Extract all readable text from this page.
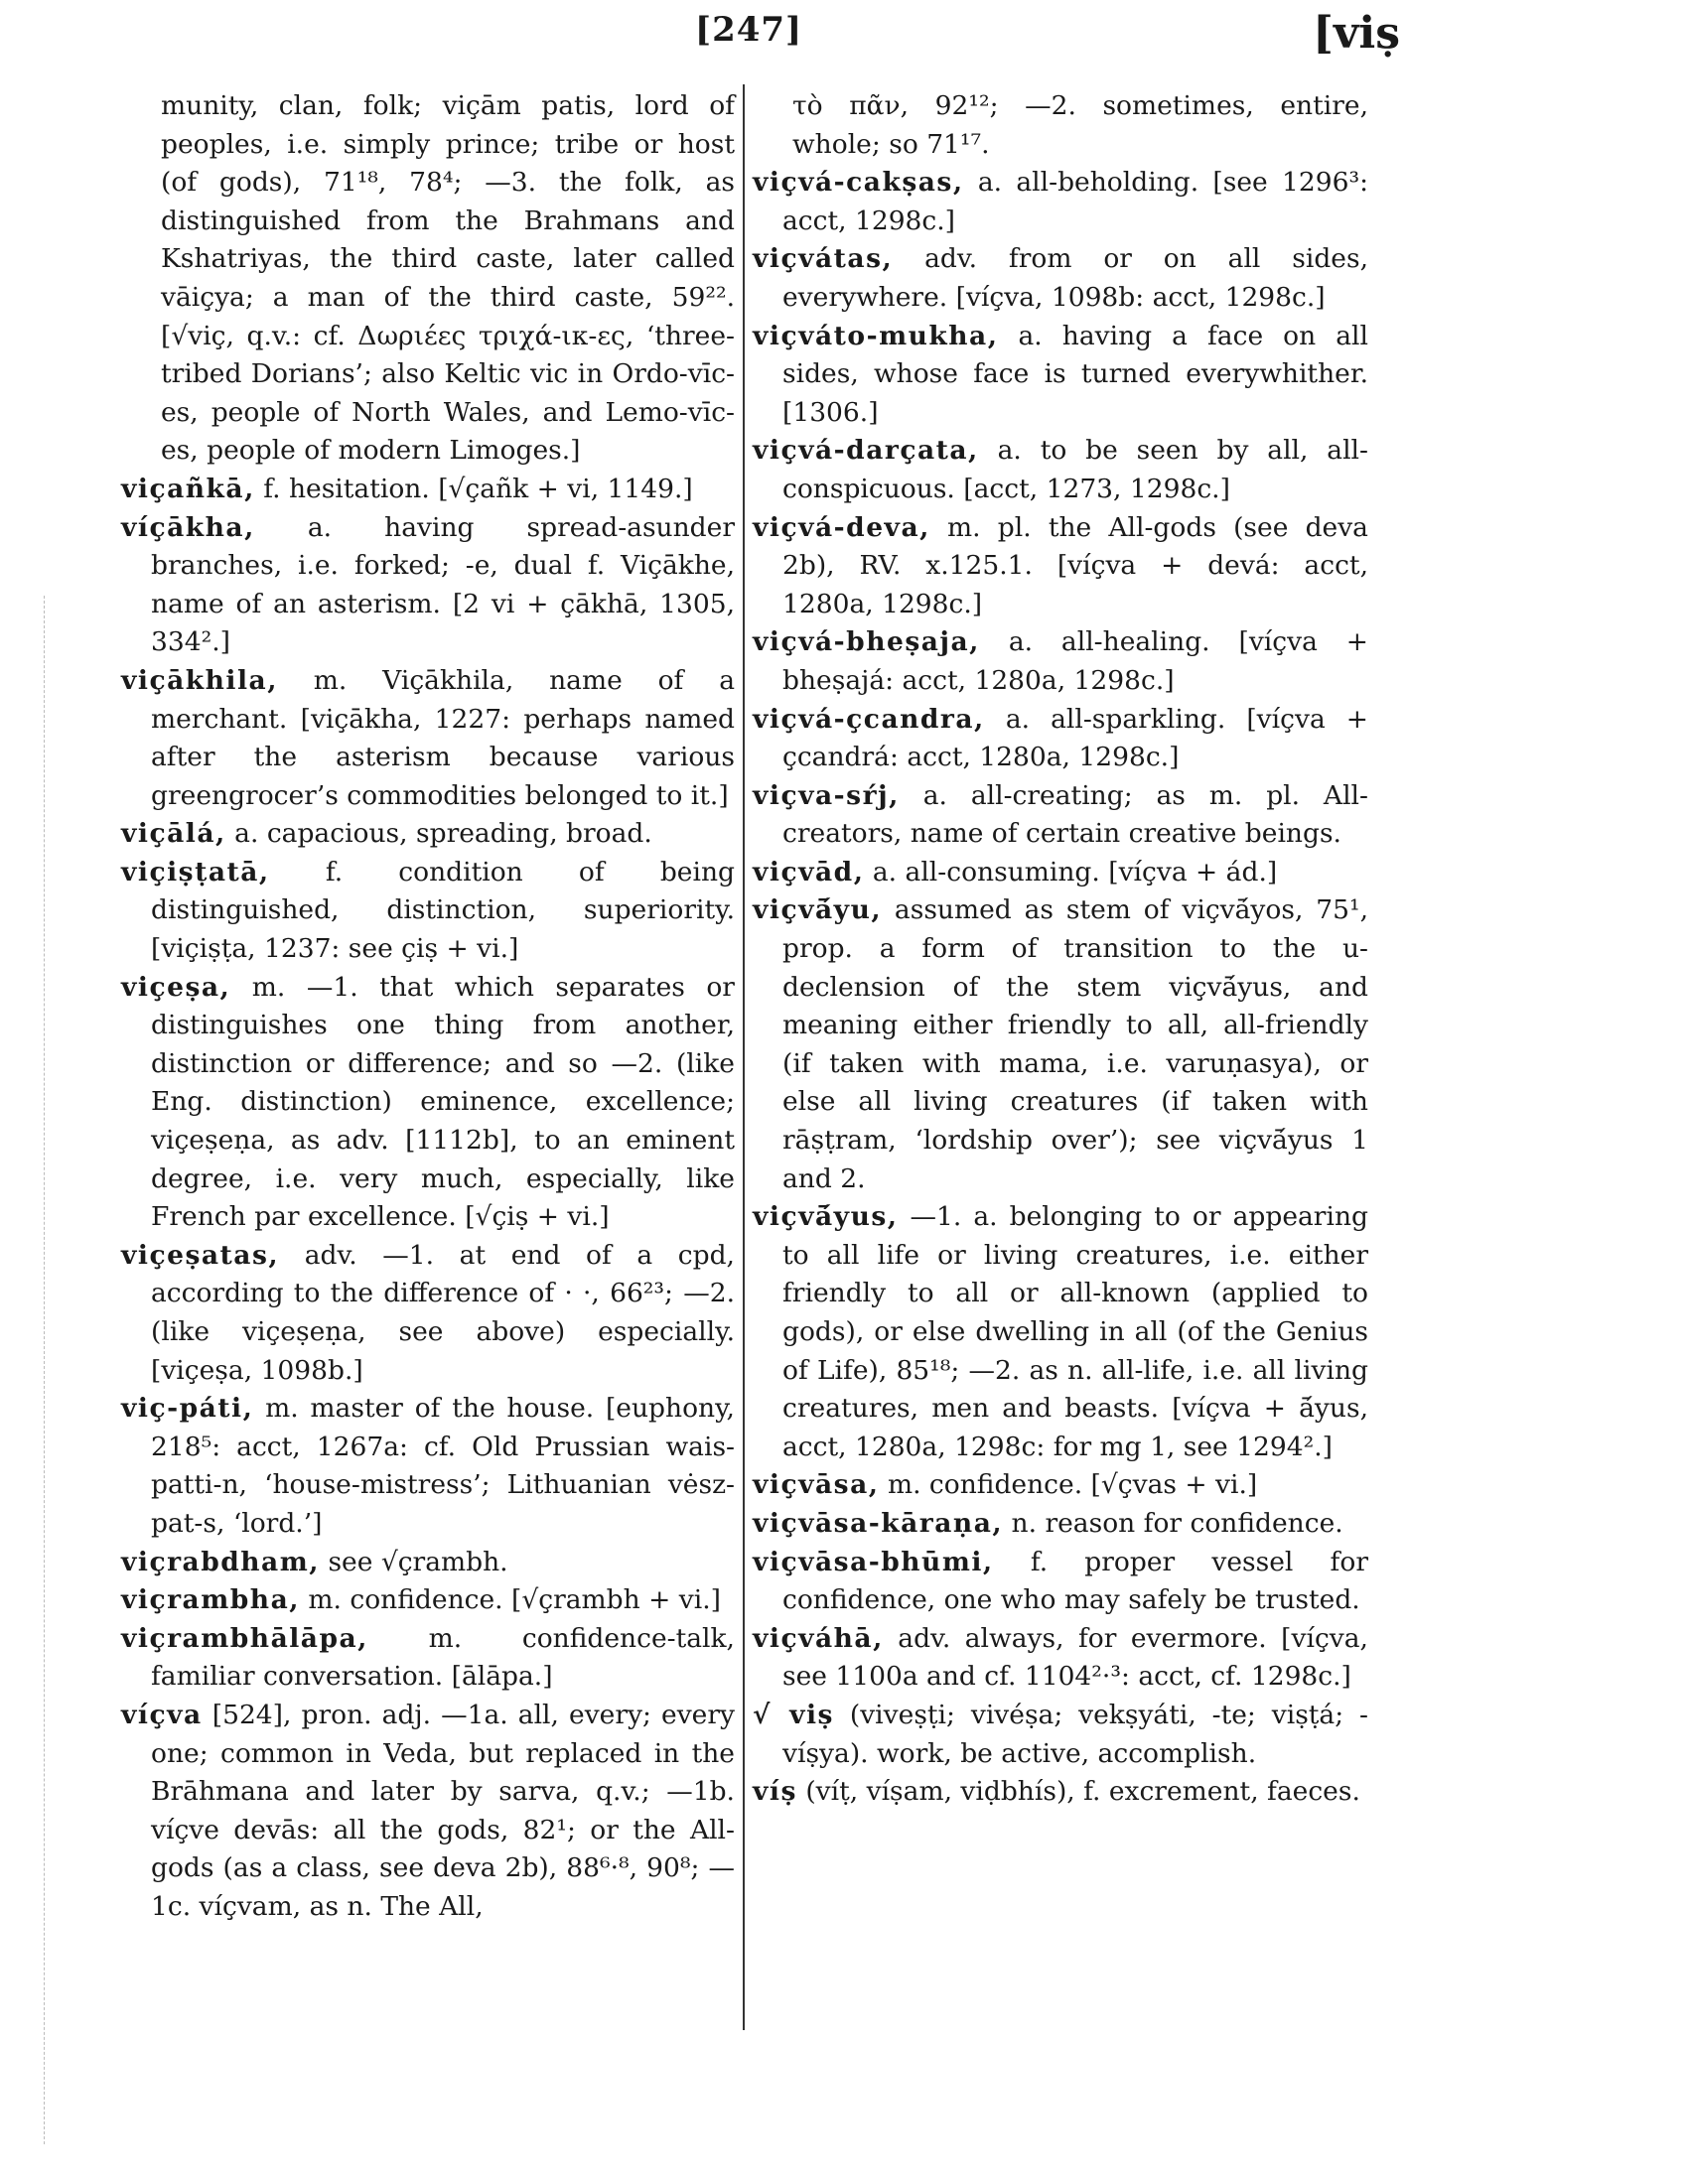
[247]	[viṣ

munity, clan, folk; viçām patis, lord of peoples, i.e. simply prince; tribe or host (of gods), 71¹⁸, 78⁴; —3. the folk, as distinguished from the Brahmans and Kshatriyas, the third caste, later called vāiçya; a man of the third caste, 59²². [√viç, q.v.: cf. Δωριέες τριχά-ικ-ες, ‘three-tribed Dorians’; also Keltic vic in Ordo-vīc-es, people of North Wales, and Lemo-vīc-es, people of modern Limoges.]

viçañkā, f. hesitation. [√çañk + vi, 1149.]

víçākha, a. having spread-asunder branches, i.e. forked; -e, dual f. Viçākhe, name of an asterism. [2 vi + çākhā, 1305, 334².]

viçākhila, m. Viçākhila, name of a merchant. [viçākha, 1227: perhaps named after the asterism because various greengrocer’s commodities belonged to it.]

viçālá, a. capacious, spreading, broad.

viçiṣṭatā, f. condition of being distinguished, distinction, superiority. [viçiṣṭa, 1237: see çiṣ + vi.]

viçeṣa, m. —1. that which separates or distinguishes one thing from another, distinction or difference; and so —2. (like Eng. distinction) eminence, excellence; viçeṣeṇa, as adv. [1112b], to an eminent degree, i.e. very much, especially, like French par excellence. [√çiṣ + vi.]

viçeṣatas, adv. —1. at end of a cpd, according to the difference of · ·, 66²³; —2. (like viçeṣeṇa, see above) especially. [viçeṣa, 1098b.]

viç-páti, m. master of the house. [euphony, 218⁵: acct, 1267a: cf. Old Prussian wais-patti-n, ‘house-mistress’; Lithuanian vėsz-pat-s, ‘lord.’]

viçrabdham, see √çrambh.

viçrambha, m. confidence. [√çrambh + vi.]

viçrambhālāpa, m. confidence-talk, familiar conversation. [ālāpa.]

víçva [524], pron. adj. —1a. all, every; every one; common in Veda, but replaced in the Brāhmana and later by sarva, q.v.; —1b. víçve devās: all the gods, 82¹; or the All-gods (as a class, see deva 2b), 88⁶·⁸, 90⁸; —1c. víçvam, as n. The All,

τὸ πᾶν, 92¹²; —2. sometimes, entire, whole; so 71¹⁷.

viçvá-cakṣas, a. all-beholding. [see 1296³: acct, 1298c.]

viçvátas, adv. from or on all sides, everywhere. [víçva, 1098b: acct, 1298c.]

viçváto-mukha, a. having a face on all sides, whose face is turned everywhither. [1306.]

viçvá-darçata, a. to be seen by all, all-conspicuous. [acct, 1273, 1298c.]

viçvá-deva, m. pl. the All-gods (see deva 2b), RV. x.125.1. [víçva + devá: acct, 1280a, 1298c.]

viçvá-bheṣaja, a. all-healing. [víçva + bheṣajá: acct, 1280a, 1298c.]

viçvá-çcandra, a. all-sparkling. [víçva + çcandrá: acct, 1280a, 1298c.]

viçva-sŕj, a. all-creating; as m. pl. All-creators, name of certain creative beings.

viçvād, a. all-consuming. [víçva + ád.]

viçvā́yu, assumed as stem of viçvā́yos, 75¹, prop. a form of transition to the u-declension of the stem viçvā́yus, and meaning either friendly to all, all-friendly (if taken with mama, i.e. varuṇasya), or else all living creatures (if taken with rāṣṭram, ‘lordship over’); see viçvā́yus 1 and 2.

viçvā́yus, —1. a. belonging to or appearing to all life or living creatures, i.e. either friendly to all or all-known (applied to gods), or else dwelling in all (of the Genius of Life), 85¹⁸; —2. as n. all-life, i.e. all living creatures, men and beasts. [víçva + ā́yus, acct, 1280a, 1298c: for mg 1, see 1294².]

viçvāsa, m. confidence. [√çvas + vi.]

viçvāsa-kāraṇa, n. reason for confidence.

viçvāsa-bhūmi, f. proper vessel for confidence, one who may safely be trusted.

viçváhā, adv. always, for evermore. [víçva, see 1100a and cf. 1104²·³: acct, cf. 1298c.]

√ viṣ (viveṣṭi; vivéṣa; vekṣyáti, -te; viṣṭá; -víṣya). work, be active, accomplish.

víṣ (víṭ, víṣam, viḍbhís), f. excrement, faeces.
